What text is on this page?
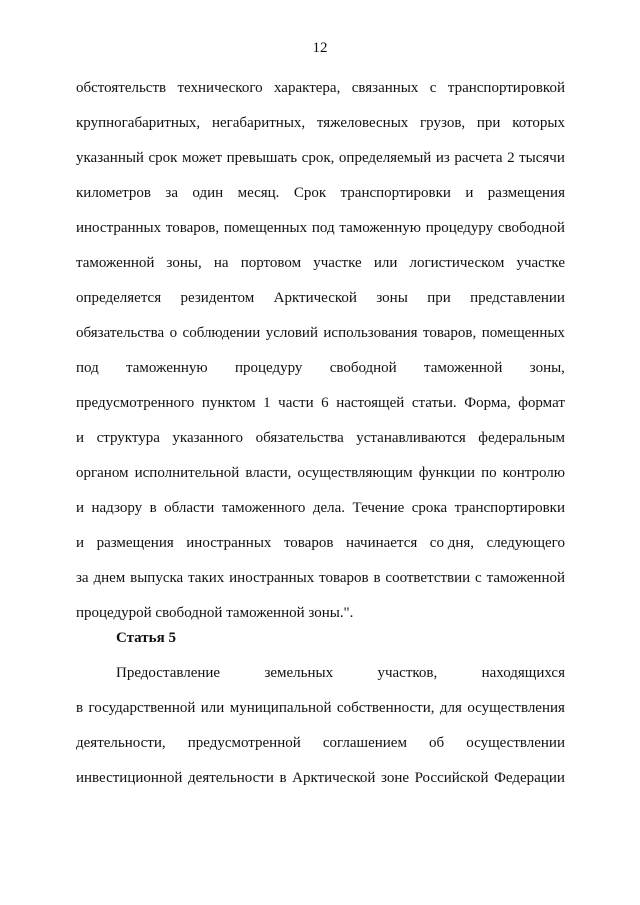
12
обстоятельств технического характера, связанных с транспортировкой
крупногабаритных, негабаритных, тяжеловесных грузов, при которых
указанный срок может превышать срок, определяемый из расчета 2 тысячи
километров за один месяц. Срок транспортировки и размещения
иностранных товаров, помещенных под таможенную процедуру свободной
таможенной зоны, на портовом участке или логистическом участке
определяется резидентом Арктической зоны при представлении
обязательства о соблюдении условий использования товаров, помещенных
под таможенную процедуру свободной таможенной зоны,
предусмотренного пунктом 1 части 6 настоящей статьи. Форма, формат
и структура указанного обязательства устанавливаются федеральным
органом исполнительной власти, осуществляющим функции по контролю
и надзору в области таможенного дела. Течение срока транспортировки
и размещения иностранных товаров начинается со дня, следующего
за днем выпуска таких иностранных товаров в соответствии с таможенной
процедурой свободной таможенной зоны.".
Статья 5
Предоставление	земельных	участков,	находящихся
в государственной или муниципальной собственности, для осуществления
деятельности, предусмотренной соглашением об осуществлении
инвестиционной деятельности в Арктической зоне Российской Федерации
